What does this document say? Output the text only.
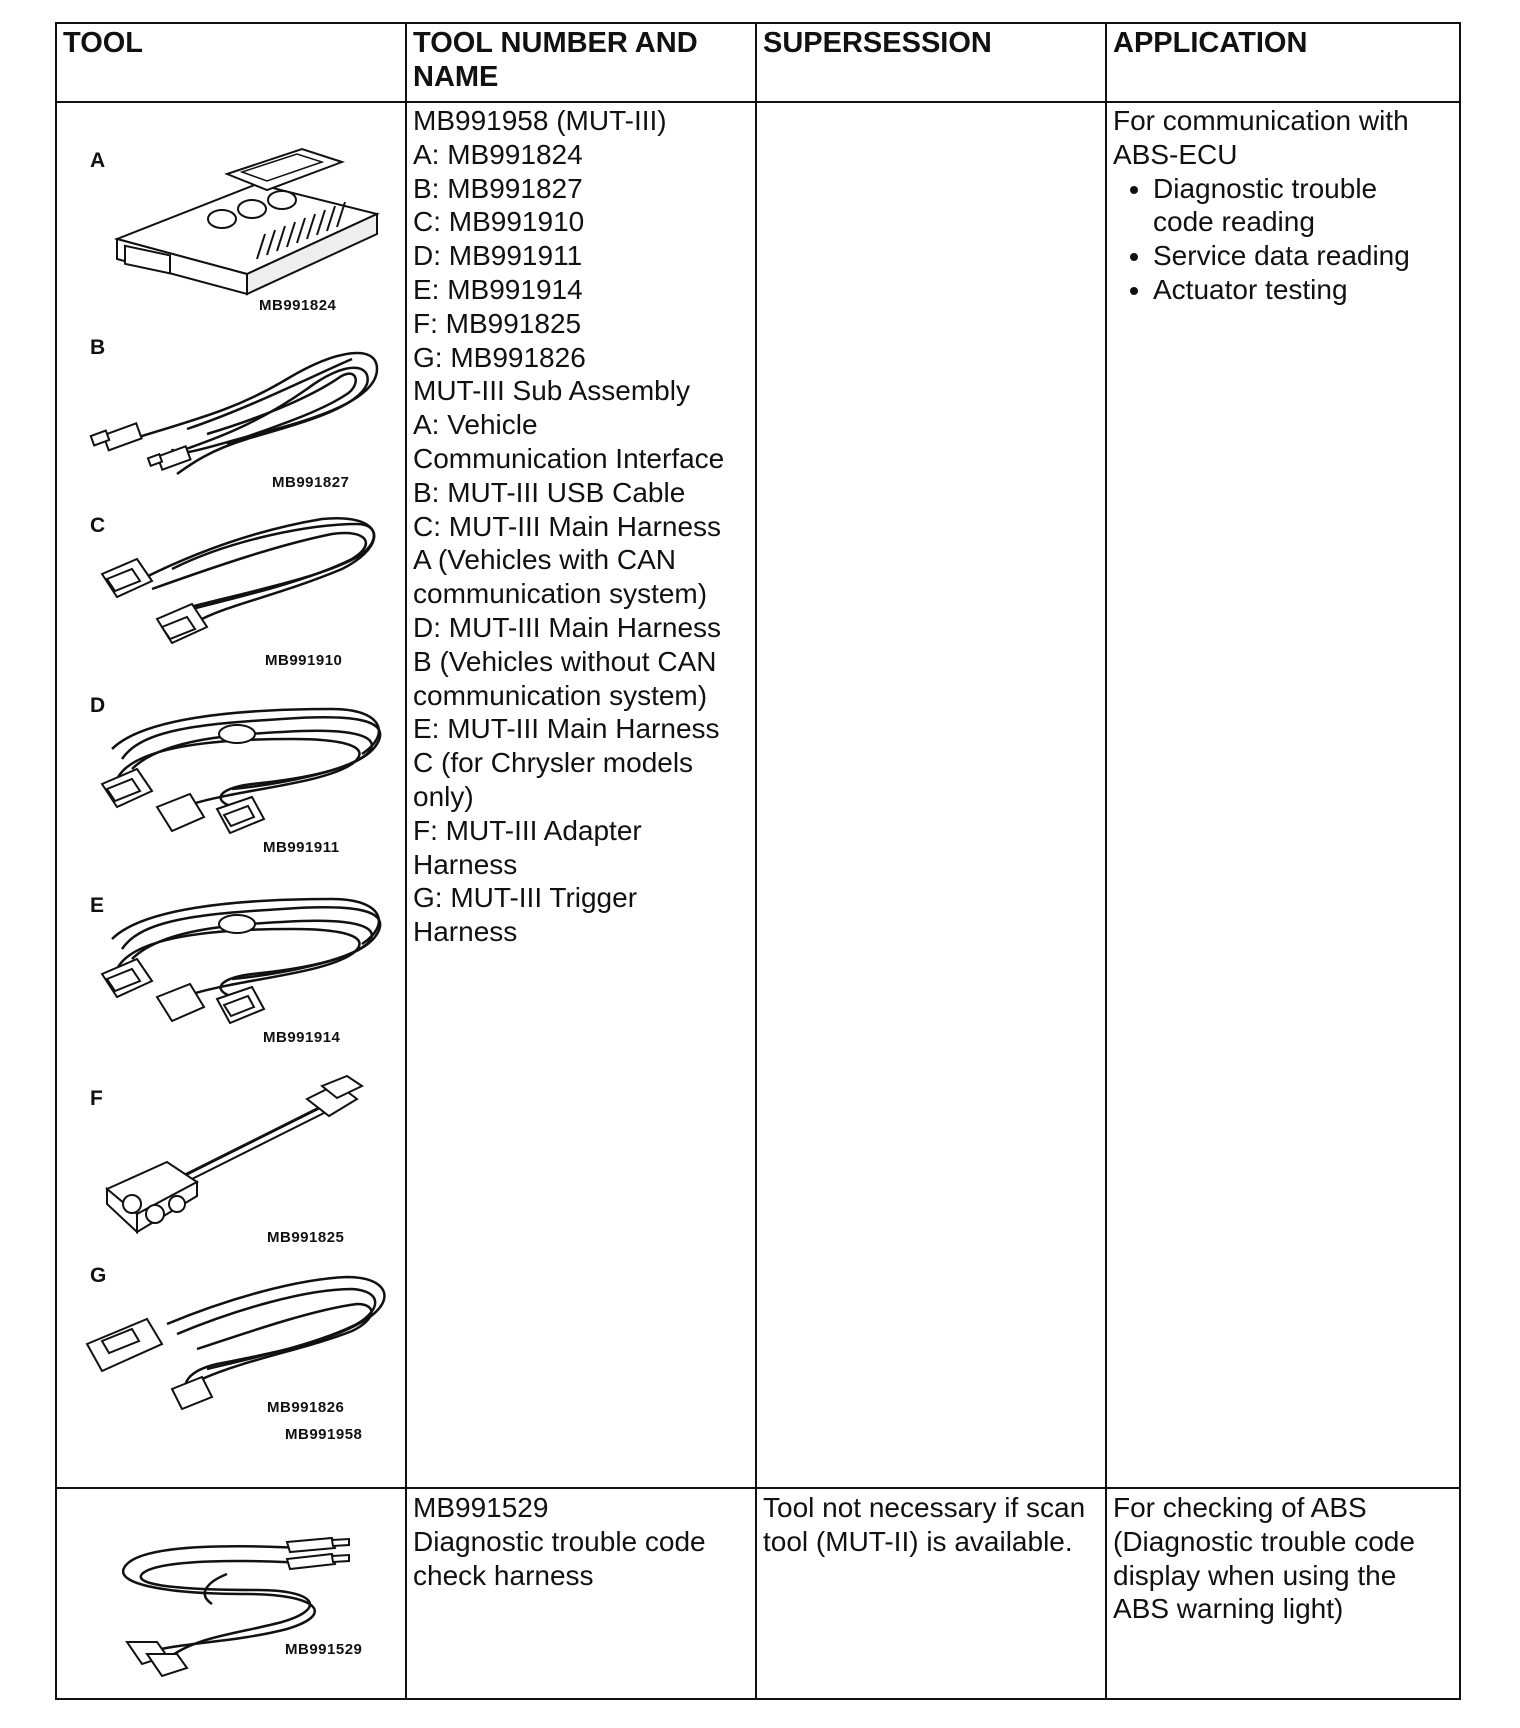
TOOL	TOOL NUMBER AND NAME
SUPERSESSION	APPLICATION
A
MB991824
B
MB991827
C
MB991910
D
MB991911
E
MB991914
F
MB991825
G
MB991826
MB991958
MB991958 (MUT-III)
A: MB991824
B: MB991827
C: MB991910
D: MB991911
E: MB991914
F: MB991825
G: MB991826
MUT-III Sub Assembly
A: Vehicle
Communication Interface
B: MUT-III USB Cable
C: MUT-III Main Harness
A (Vehicles with CAN
communication system)
D: MUT-III Main Harness
B (Vehicles without CAN
communication system)
E: MUT-III Main Harness
C (for Chrysler models
only)
F: MUT-III Adapter
Harness
G: MUT-III Trigger
Harness
For communication with
ABS-ECU
• Diagnostic trouble
code reading
• Service data reading
• Actuator testing
MB991529
MB991529
Diagnostic trouble code
check harness
Tool not necessary if scan
tool (MUT-II) is available.
For checking of ABS
(Diagnostic trouble code
display when using the
ABS warning light)
